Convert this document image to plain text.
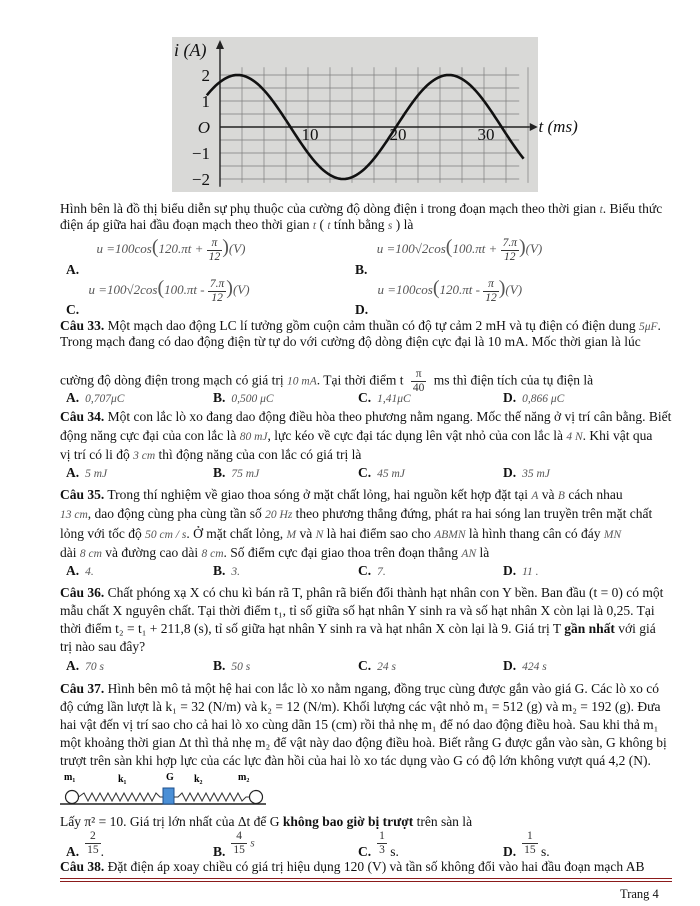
2
1
O
−1
−2
10	20	30
i (A)
t (ms)
Hình bên là đồ thị biểu diễn sự phụ thuộc của cường độ dòng điện i trong đoạn mạch theo thời gian t. Biểu thức
điện áp giữa hai đầu đoạn mạch theo thời gian t ( t tính bằng s ) là
A. $u =100\cos(120.\pi t + \frac{\pi}{12} )(V)$
B. $u =100√2\cos(100.\pi t + \frac{7.\pi}{12} )(V)$
C. $u =100√2\cos(100.\pi t - \frac{7.\pi}{12} )(V)$
D. $u =100\cos(120.\pi t - \frac{\pi}{12} )(V)$
Câu 33. Một mạch dao động LC lí tưởng gồm cuộn cảm thuần có độ tự cảm 2 mH và tụ điện có điện dung 5μF.
Trong mạch đang có dao động điện từ tự do với cường độ dòng điện cực đại là 10 mA. Mốc thời gian là lúc
cường độ dòng điện trong mạch có giá trị 10 mA. Tại thời điểm t $\frac{\pi}{40}$ ms thì điện tích của tụ điện là
A. 0,707μC	B. 0,500 μC	C. 1,41μC	D. 0,866 μC
Câu 34. Một con lắc lò xo đang dao động điều hòa theo phương nằm ngang. Mốc thế năng ở vị trí cân bằng. Biết
động năng cực đại của con lắc là 80 mJ, lực kéo về cực đại tác dụng lên vật nhỏ của con lắc là 4 N. Khi vật qua
vị trí có li độ 3 cm thì động năng của con lắc có giá trị là
A. 5 mJ	B. 75 mJ	C. 45 mJ	D. 35 mJ
Câu 35. Trong thí nghiệm về giao thoa sóng ở mặt chất lỏng, hai nguồn kết hợp đặt tại A và B cách nhau
13 cm, dao động cùng pha cùng tần số 20 Hz theo phương thẳng đứng, phát ra hai sóng lan truyền trên mặt chất
lỏng với tốc độ 50 cm / s. Ở mặt chất lỏng, M và N là hai điểm sao cho ABMN là hình thang cân có đáy MN
dài 8 cm và đường cao dài 8 cm. Số điểm cực đại giao thoa trên đoạn thẳng AN là
A. 4.	B. 3.	C. 7.	D. 11 .
Câu 36. Chất phóng xạ X có chu kì bán rã T, phân rã biến đổi thành hạt nhân con Y bền. Ban đầu (t = 0) có một
mẫu chất X nguyên chất. Tại thời điểm t₁, tỉ số giữa số hạt nhân Y sinh ra và số hạt nhân X còn lại là 0,25. Tại
thời điểm t₂ = t₁ + 211,8 (s), tỉ số giữa hạt nhân Y sinh ra và hạt nhân X còn lại là 9. Giá trị T gần nhất với giá
trị nào sau đây?
A. 70 s	B. 50 s	C. 24 s	D. 424 s
Câu 37. Hình bên mô tả một hệ hai con lắc lò xo nằm ngang, đồng trục cùng được gắn vào giá G. Các lò xo có
độ cứng lần lượt là k₁ = 32 (N/m) và k₂ = 12 (N/m). Khối lượng các vật nhỏ m₁ = 512 (g) và m₂ = 192 (g). Đưa
hai vật đến vị trí sao cho cả hai lò xo cùng dãn 15 (cm) rồi thả nhẹ m₁ để nó dao động điều hoà. Sau khi thả m₁
một khoảng thời gian Δt thì thả nhẹ m₂ để vật này dao động điều hoà. Biết rằng G được gắn vào sàn, G không bị
trượt trên sàn khi hợp lực của các lực đàn hồi của hai lò xo tác dụng vào G có độ lớn không vượt quá 4,2 (N).
m₁	k₁	G k₂	m₂
Lấy π² = 10. Giá trị lớn nhất của Δt để G không bao giờ bị trượt trên sàn là
A. $\frac{2}{15}$ .	B. $\frac{4}{15}$ s	C. $\frac{1}{3} s$.	D. $\frac{1}{15} s$.
Câu 38. Đặt điện áp xoay chiều có giá trị hiệu dụng 120 (V) và tần số không đổi vào hai đầu đoạn mạch AB
Trang 4
